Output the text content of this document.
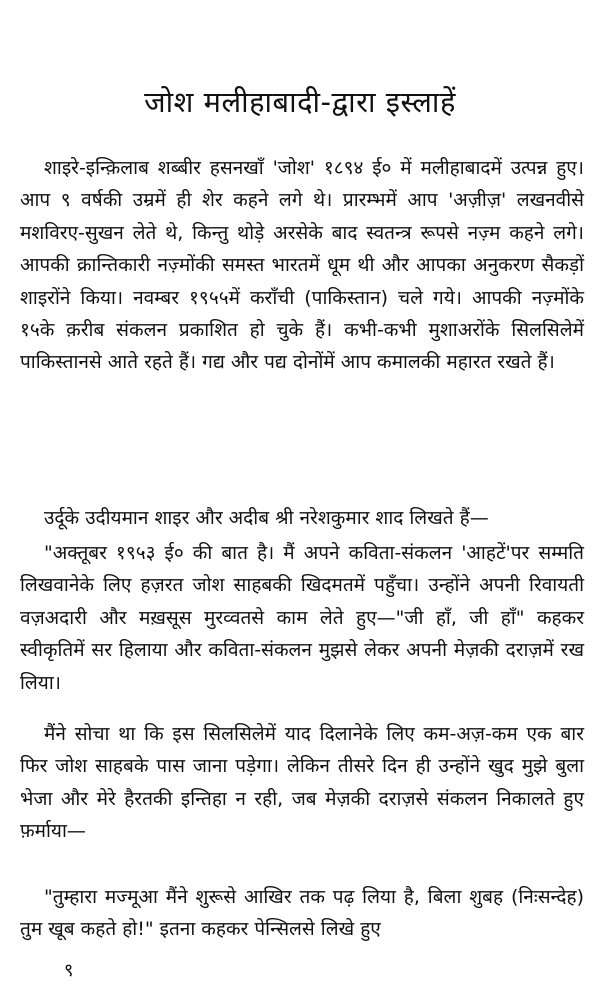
जोश मलीहाबादी-द्वारा इस्लाहें

शाइरे-इन्क़िलाब शब्बीर हसनखाँ 'जोश' १८९४ ई० में मलीहाबादमें उत्पन्न हुए। आप ९ वर्षकी उम्रमें ही शेर कहने लगे थे। प्रारम्भमें आप 'अज़ीज़' लखनवीसे मशविरए-सुखन लेते थे, किन्तु थोड़े अरसेके बाद स्वतन्त्र रूपसे नज़्म कहने लगे। आपकी क्रान्तिकारी नज़्मोंकी समस्त भारतमें धूम थी और आपका अनुकरण सैकड़ों शाइरोंने किया। नवम्बर १९५५में कराँची (पाकिस्तान) चले गये। आपकी नज़्मोंके १५के क़रीब संकलन प्रकाशित हो चुके हैं। कभी-कभी मुशाअरोंके सिलसिलेमें पाकिस्तानसे आते रहते हैं। गद्य और पद्य दोनोंमें आप कमालकी महारत रखते हैं।

उर्दूके उदीयमान शाइर और अदीब श्री नरेशकुमार शाद लिखते हैं—

"अक्तूबर १९५३ ई० की बात है। मैं अपने कविता-संकलन 'आहटें'पर सम्मति लिखवानेके लिए हज़रत जोश साहबकी खिदमतमें पहुँचा। उन्होंने अपनी रिवायती वज़अदारी और मख़सूस मुरव्वतसे काम लेते हुए—"जी हाँ, जी हाँ" कहकर स्वीकृतिमें सर हिलाया और कविता-संकलन मुझसे लेकर अपनी मेज़की दराज़में रख लिया।

मैंने सोचा था कि इस सिलसिलेमें याद दिलानेके लिए कम-अज़-कम एक बार फिर जोश साहबके पास जाना पड़ेगा। लेकिन तीसरे दिन ही उन्होंने खुद मुझे बुला भेजा और मेरे हैरतकी इन्तिहा न रही, जब मेज़की दराज़से संकलन निकालते हुए फ़र्माया—

"तुम्हारा मज्मूआ मैंने शुरूसे आखिर तक पढ़ लिया है, बिला शुबह (निःसन्देह) तुम खूब कहते हो!" इतना कहकर पेन्सिलसे लिखे हुए

९
